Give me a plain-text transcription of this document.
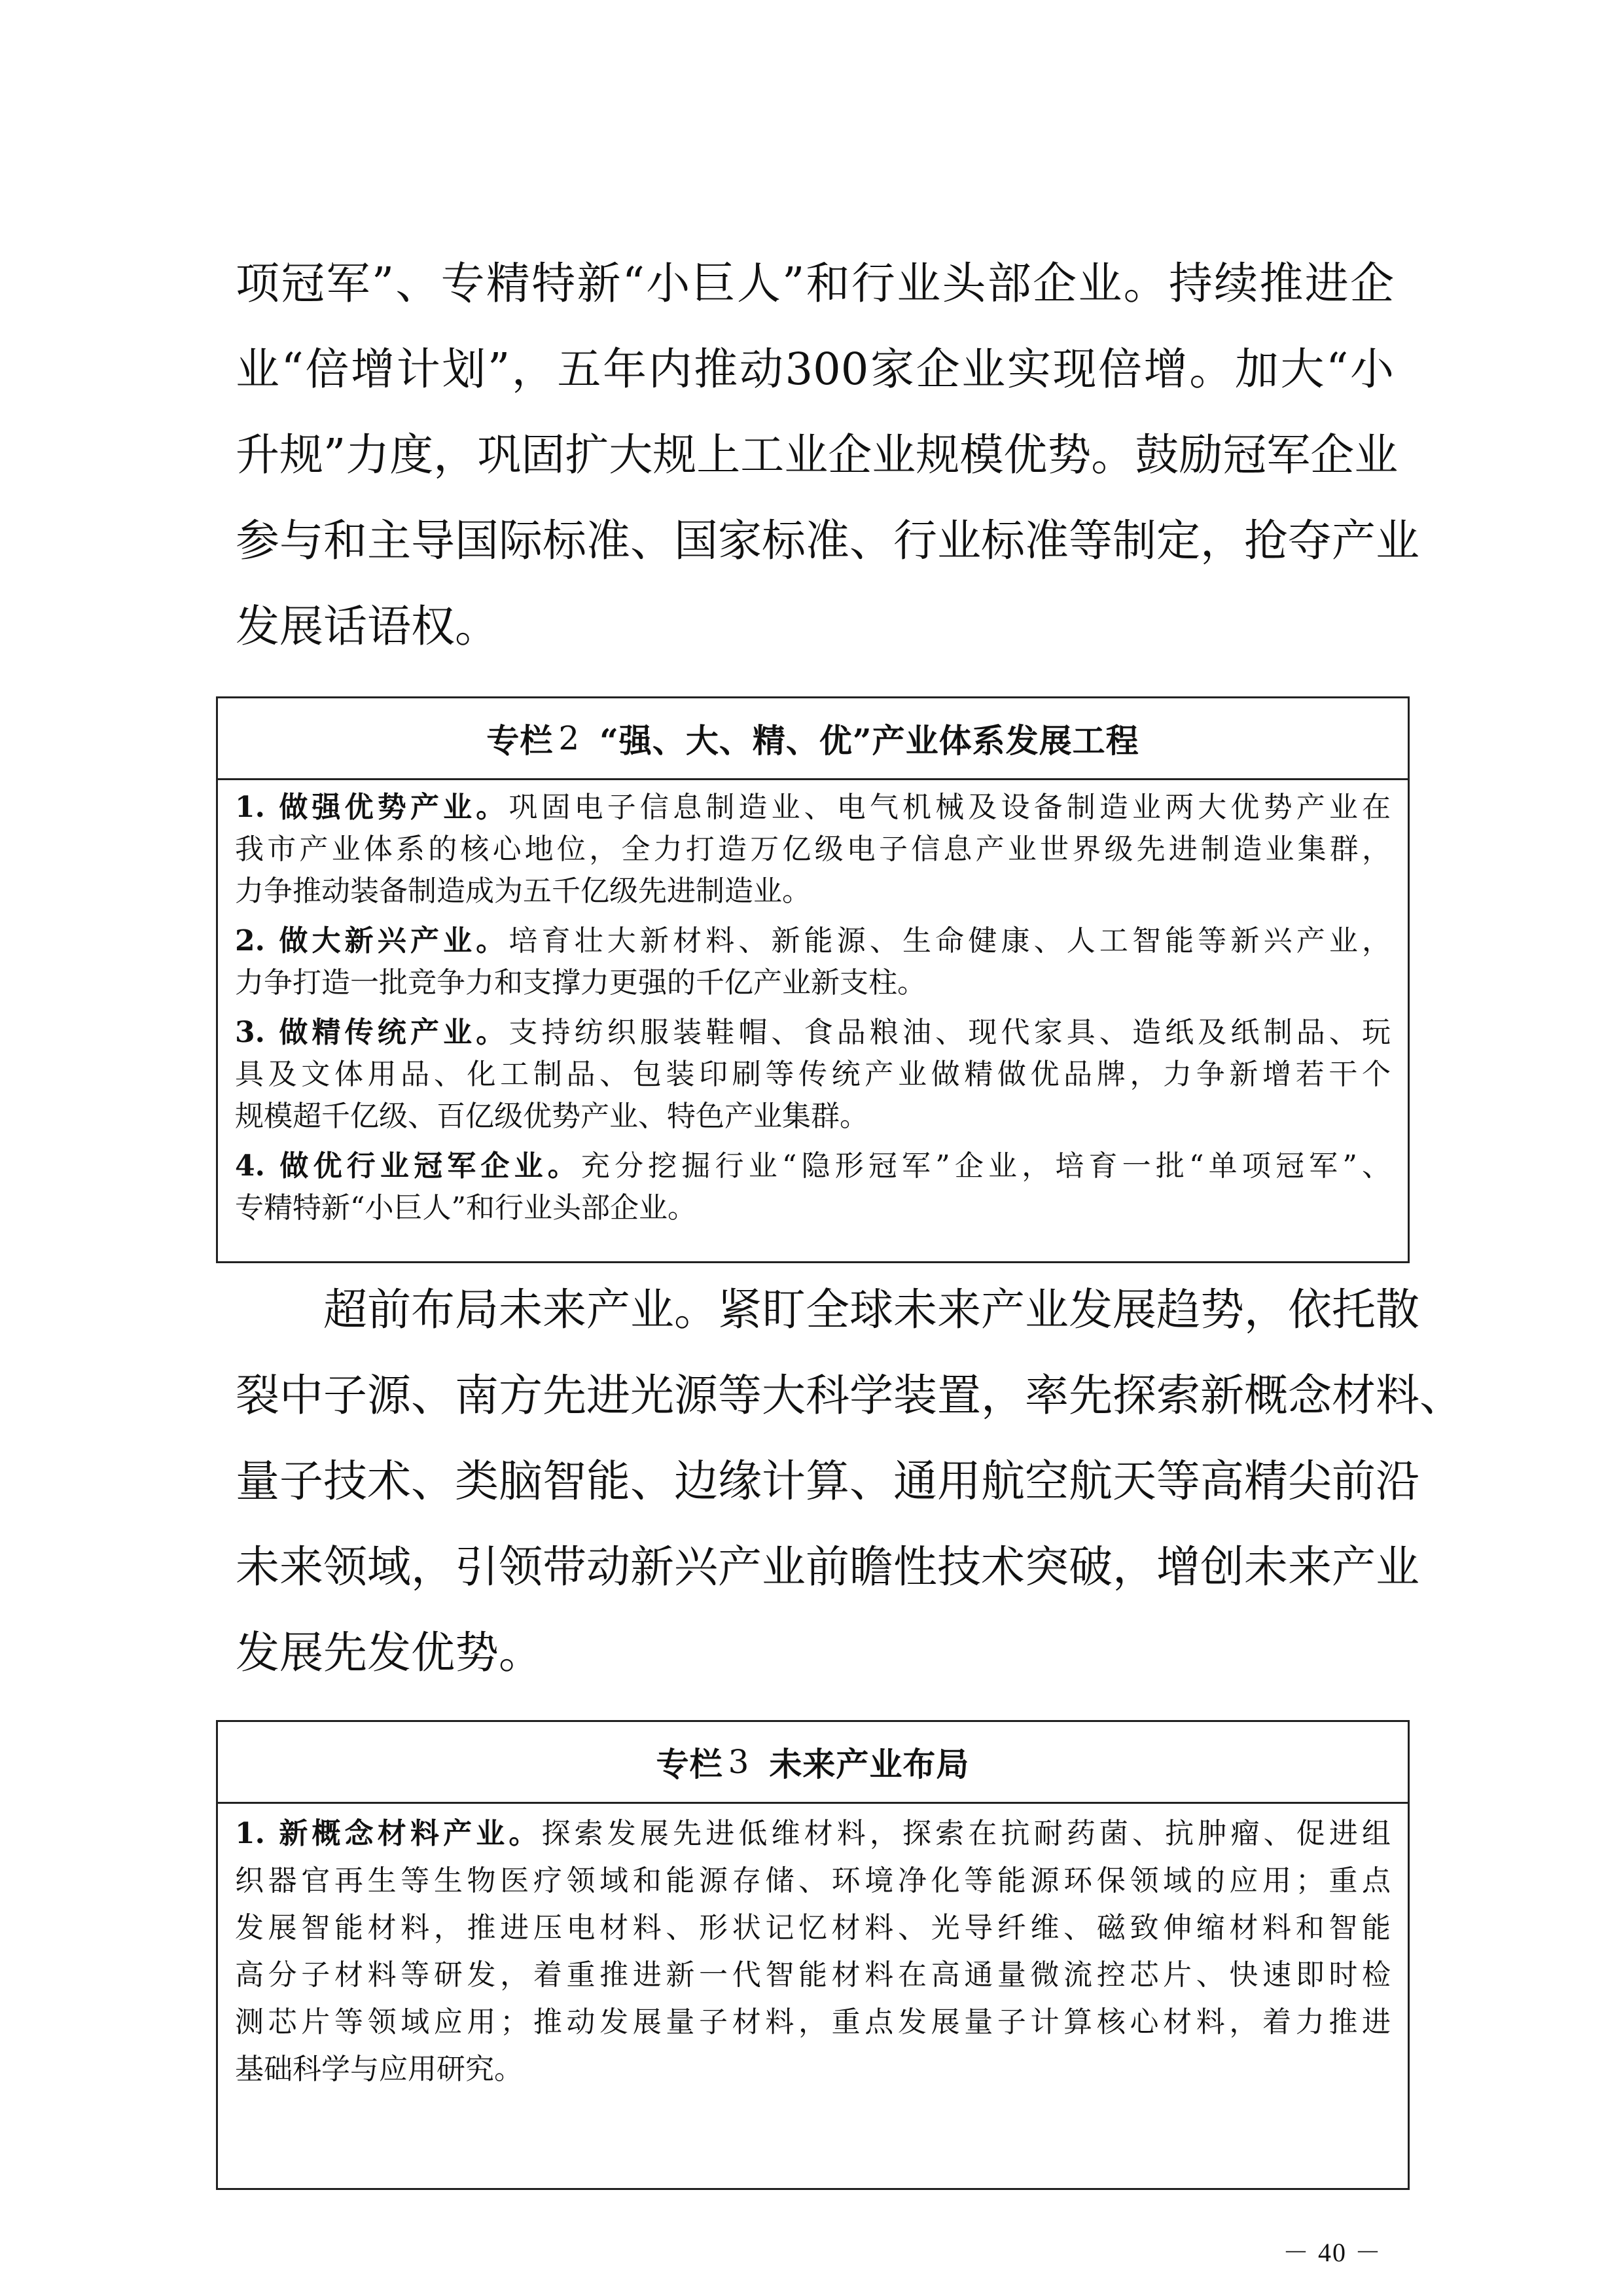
项冠军”、专精特新“小巨人”和行业头部企业。持续推进企
业“倍增计划”，五年内推动300家企业实现倍增。加大“小
升规”力度，巩固扩大规上工业企业规模优势。鼓励冠军企业
参与和主导国际标准、国家标准、行业标准等制定，抢夺产业
发展话语权。
专栏 2 “强、大、精、优”产业体系发展工程
1. 做强优势产业。巩固电子信息制造业、电气机械及设备制造业两大优势产业在
我市产业体系的核心地位，全力打造万亿级电子信息产业世界级先进制造业集群，
力争推动装备制造成为五千亿级先进制造业。
2. 做大新兴产业。培育壮大新材料、新能源、生命健康、人工智能等新兴产业，
力争打造一批竞争力和支撑力更强的千亿产业新支柱。
3. 做精传统产业。支持纺织服装鞋帽、食品粮油、现代家具、造纸及纸制品、玩
具及文体用品、化工制品、包装印刷等传统产业做精做优品牌，力争新增若干个
规模超千亿级、百亿级优势产业、特色产业集群。
4. 做优行业冠军企业。充分挖掘行业“隐形冠军”企业，培育一批“单项冠军”、
专精特新“小巨人”和行业头部企业。
超前布局未来产业。紧盯全球未来产业发展趋势，依托散
裂中子源、南方先进光源等大科学装置，率先探索新概念材料、
量子技术、类脑智能、边缘计算、通用航空航天等高精尖前沿
未来领域，引领带动新兴产业前瞻性技术突破，增创未来产业
发展先发优势。
专栏 3 未来产业布局
1. 新概念材料产业。探索发展先进低维材料，探索在抗耐药菌、抗肿瘤、促进组
织器官再生等生物医疗领域和能源存储、环境净化等能源环保领域的应用；重点
发展智能材料，推进压电材料、形状记忆材料、光导纤维、磁致伸缩材料和智能
高分子材料等研发，着重推进新一代智能材料在高通量微流控芯片、快速即时检
测芯片等领域应用；推动发展量子材料，重点发展量子计算核心材料，着力推进
基础科学与应用研究。
－ 40 －
